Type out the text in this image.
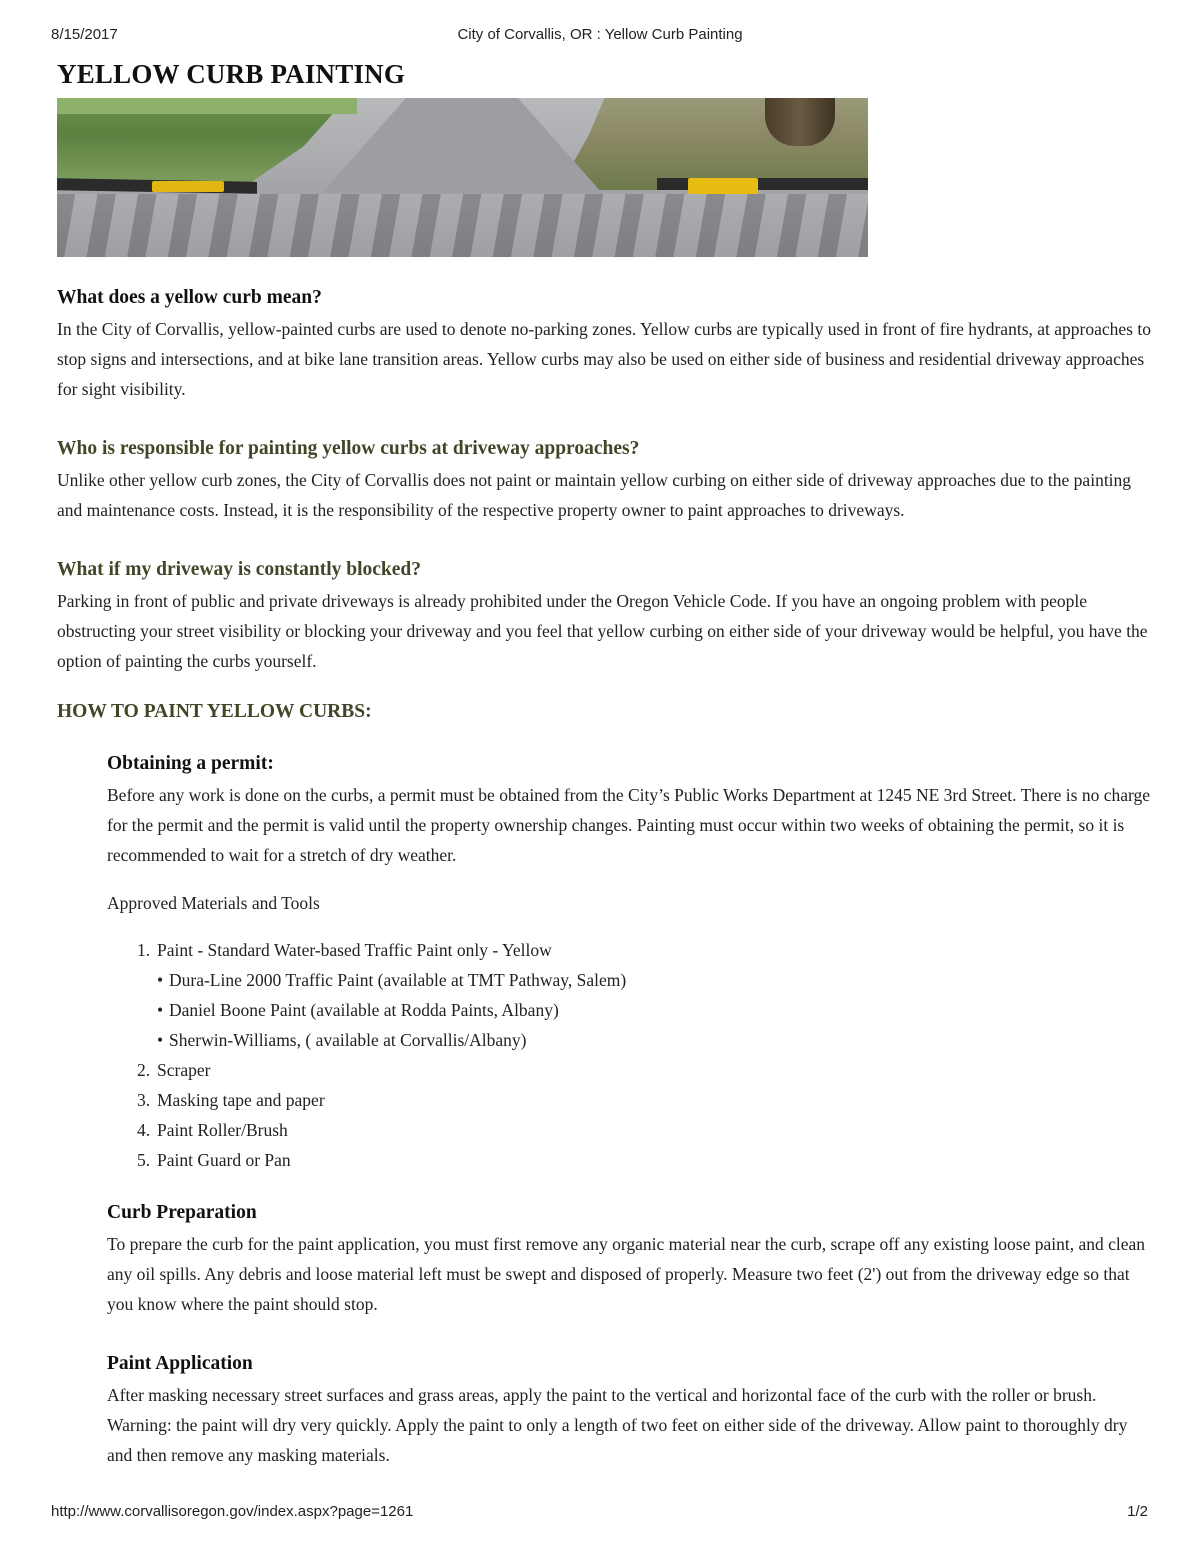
8/15/2017	City of Corvallis, OR : Yellow Curb Painting
YELLOW CURB PAINTING
What does a yellow curb mean?

In the City of Corvallis, yellow-painted curbs are used to denote no-parking zones. Yellow curbs are typically used in front of fire hydrants, at approaches to stop signs and intersections, and at bike lane transition areas. Yellow curbs may also be used on either side of business and residential driveway approaches for sight visibility.

Who is responsible for painting yellow curbs at driveway approaches?

Unlike other yellow curb zones, the City of Corvallis does not paint or maintain yellow curbing on either side of driveway approaches due to the painting and maintenance costs. Instead, it is the responsibility of the respective property owner to paint approaches to driveways.

What if my driveway is constantly blocked?

Parking in front of public and private driveways is already prohibited under the Oregon Vehicle Code. If you have an ongoing problem with people obstructing your street visibility or blocking your driveway and you feel that yellow curbing on either side of your driveway would be helpful, you have the option of painting the curbs yourself.

HOW TO PAINT YELLOW CURBS:
Obtaining a permit:

Before any work is done on the curbs, a permit must be obtained from the City’s Public Works Department at 1245 NE 3rd Street. There is no charge for the permit and the permit is valid until the property ownership changes. Painting must occur within two weeks of obtaining the permit, so it is recommended to wait for a stretch of dry weather.

Approved Materials and Tools

1. Paint - Standard Water-based Traffic Paint only - Yellow
• Dura-Line 2000 Traffic Paint (available at TMT Pathway, Salem)
• Daniel Boone Paint (available at Rodda Paints, Albany)
• Sherwin-Williams, ( available at Corvallis/Albany)
2. Scraper
3. Masking tape and paper
4. Paint Roller/Brush
5. Paint Guard or Pan
Curb Preparation

To prepare the curb for the paint application, you must first remove any organic material near the curb, scrape off any existing loose paint, and clean any oil spills. Any debris and loose material left must be swept and disposed of properly. Measure two feet (2') out from the driveway edge so that you know where the paint should stop.

Paint Application

After masking necessary street surfaces and grass areas, apply the paint to the vertical and horizontal face of the curb with the roller or brush. Warning: the paint will dry very quickly. Apply the paint to only a length of two feet on either side of the driveway. Allow paint to thoroughly dry and then remove any masking materials.

http://www.corvallisoregon.gov/index.aspx?page=1261	1/2
